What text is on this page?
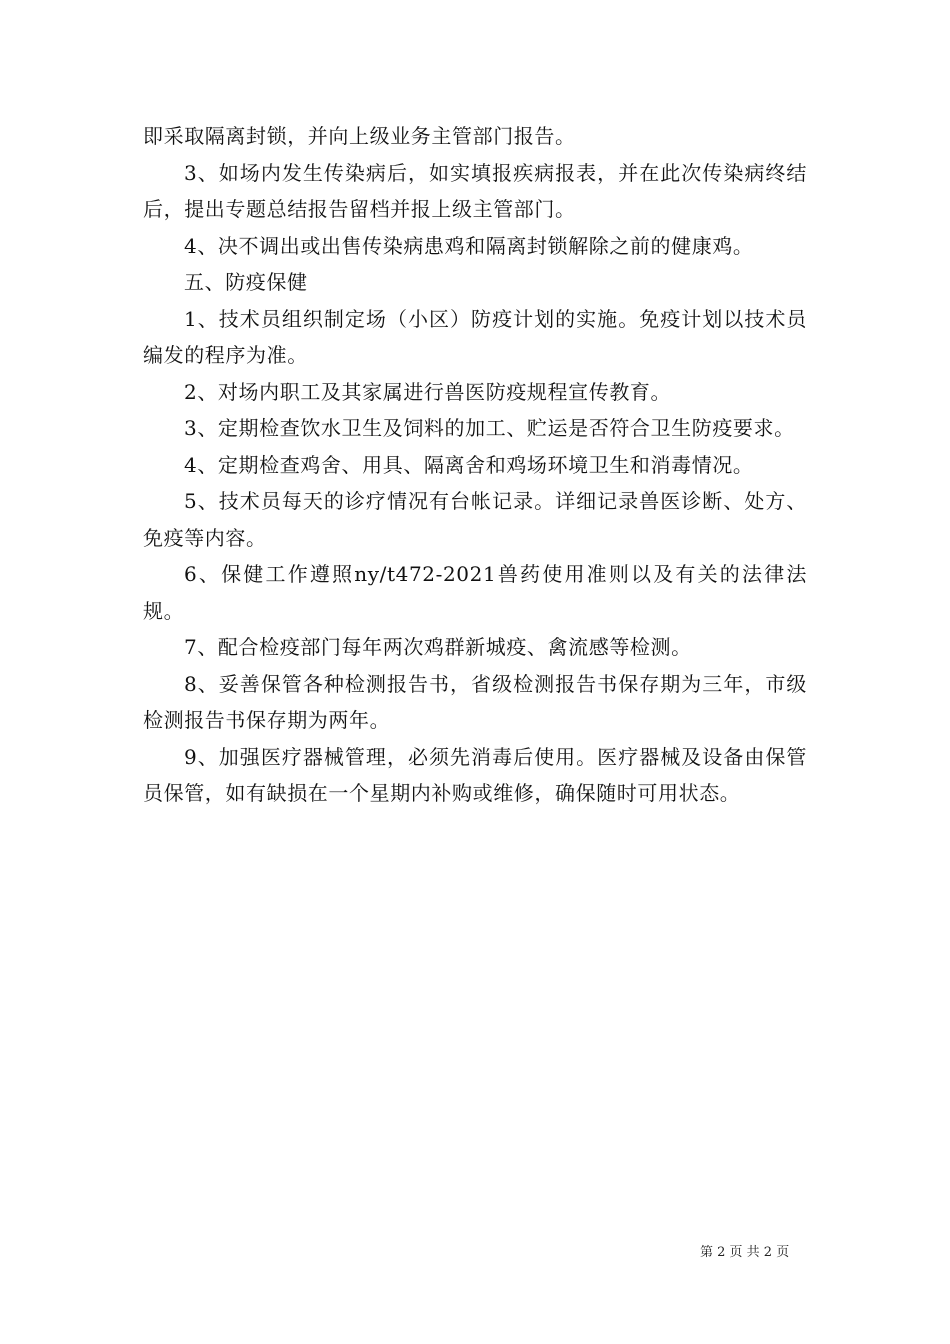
即采取隔离封锁，并向上级业务主管部门报告。

3、如场内发生传染病后，如实填报疾病报表，并在此次传染病终结后，提出专题总结报告留档并报上级主管部门。

4、决不调出或出售传染病患鸡和隔离封锁解除之前的健康鸡。

五、防疫保健

1、技术员组织制定场（小区）防疫计划的实施。免疫计划以技术员编发的程序为准。

2、对场内职工及其家属进行兽医防疫规程宣传教育。

3、定期检查饮水卫生及饲料的加工、贮运是否符合卫生防疫要求。

4、定期检查鸡舍、用具、隔离舍和鸡场环境卫生和消毒情况。

5、技术员每天的诊疗情况有台帐记录。详细记录兽医诊断、处方、免疫等内容。

6、保健工作遵照ny/t472-2021兽药使用准则以及有关的法律法规。

7、配合检疫部门每年两次鸡群新城疫、禽流感等检测。

8、妥善保管各种检测报告书，省级检测报告书保存期为三年，市级检测报告书保存期为两年。

9、加强医疗器械管理，必须先消毒后使用。医疗器械及设备由保管员保管，如有缺损在一个星期内补购或维修，确保随时可用状态。

第 2 页 共 2 页
